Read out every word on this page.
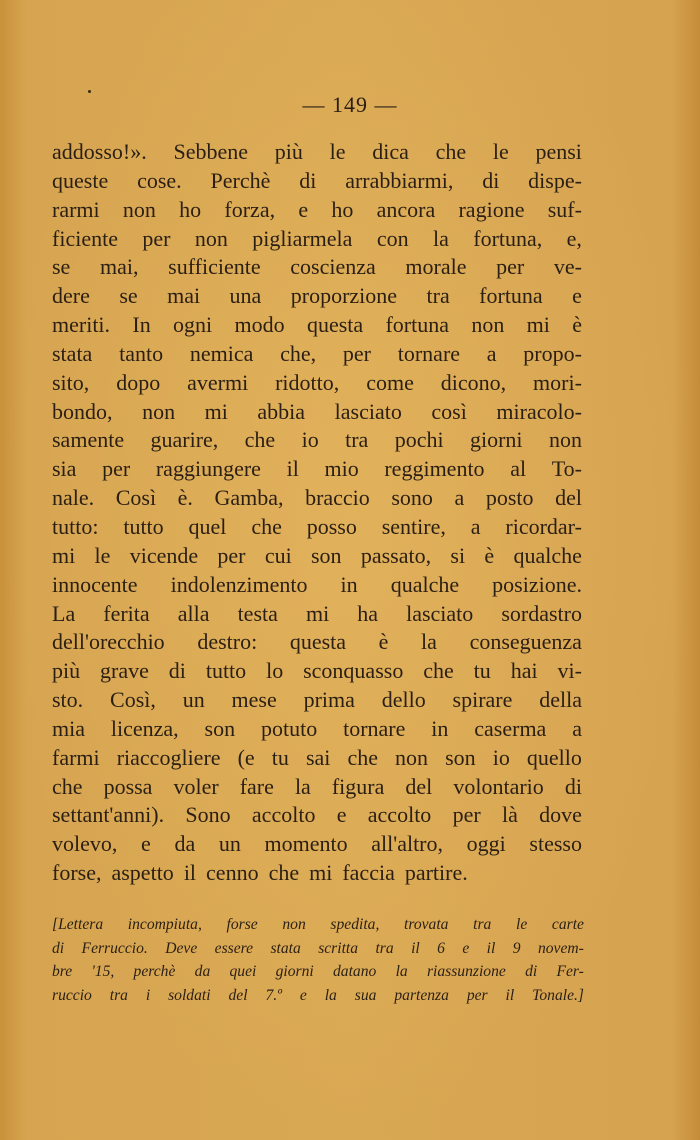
— 149 —
addosso!». Sebbene più le dica che le pensi
queste cose. Perchè di arrabbiarmi, di dispe-
rarmi non ho forza, e ho ancora ragione suf-
ficiente per non pigliarmela con la fortuna, e,
se mai, sufficiente coscienza morale per ve-
dere se mai una proporzione tra fortuna e
meriti. In ogni modo questa fortuna non mi è
stata tanto nemica che, per tornare a propo-
sito, dopo avermi ridotto, come dicono, mori-
bondo, non mi abbia lasciato così miracolo-
samente guarire, che io tra pochi giorni non
sia per raggiungere il mio reggimento al To-
nale. Così è. Gamba, braccio sono a posto del
tutto: tutto quel che posso sentire, a ricordar-
mi le vicende per cui son passato, si è qualche
innocente indolenzimento in qualche posizione.
La ferita alla testa mi ha lasciato sordastro
dell'orecchio destro: questa è la conseguenza
più grave di tutto lo sconquasso che tu hai vi-
sto. Così, un mese prima dello spirare della
mia licenza, son potuto tornare in caserma a
farmi riaccogliere (e tu sai che non son io quello
che possa voler fare la figura del volontario di
settant'anni). Sono accolto e accolto per là dove
volevo, e da un momento all'altro, oggi stesso
forse, aspetto il cenno che mi faccia partire.
[Lettera incompiuta, forse non spedita, trovata tra le carte
di Ferruccio. Deve essere stata scritta tra il 6 e il 9 novem-
bre '15, perchè da quei giorni datano la riassunzione di Fer-
ruccio tra i soldati del 7.º e la sua partenza per il Tonale.]
